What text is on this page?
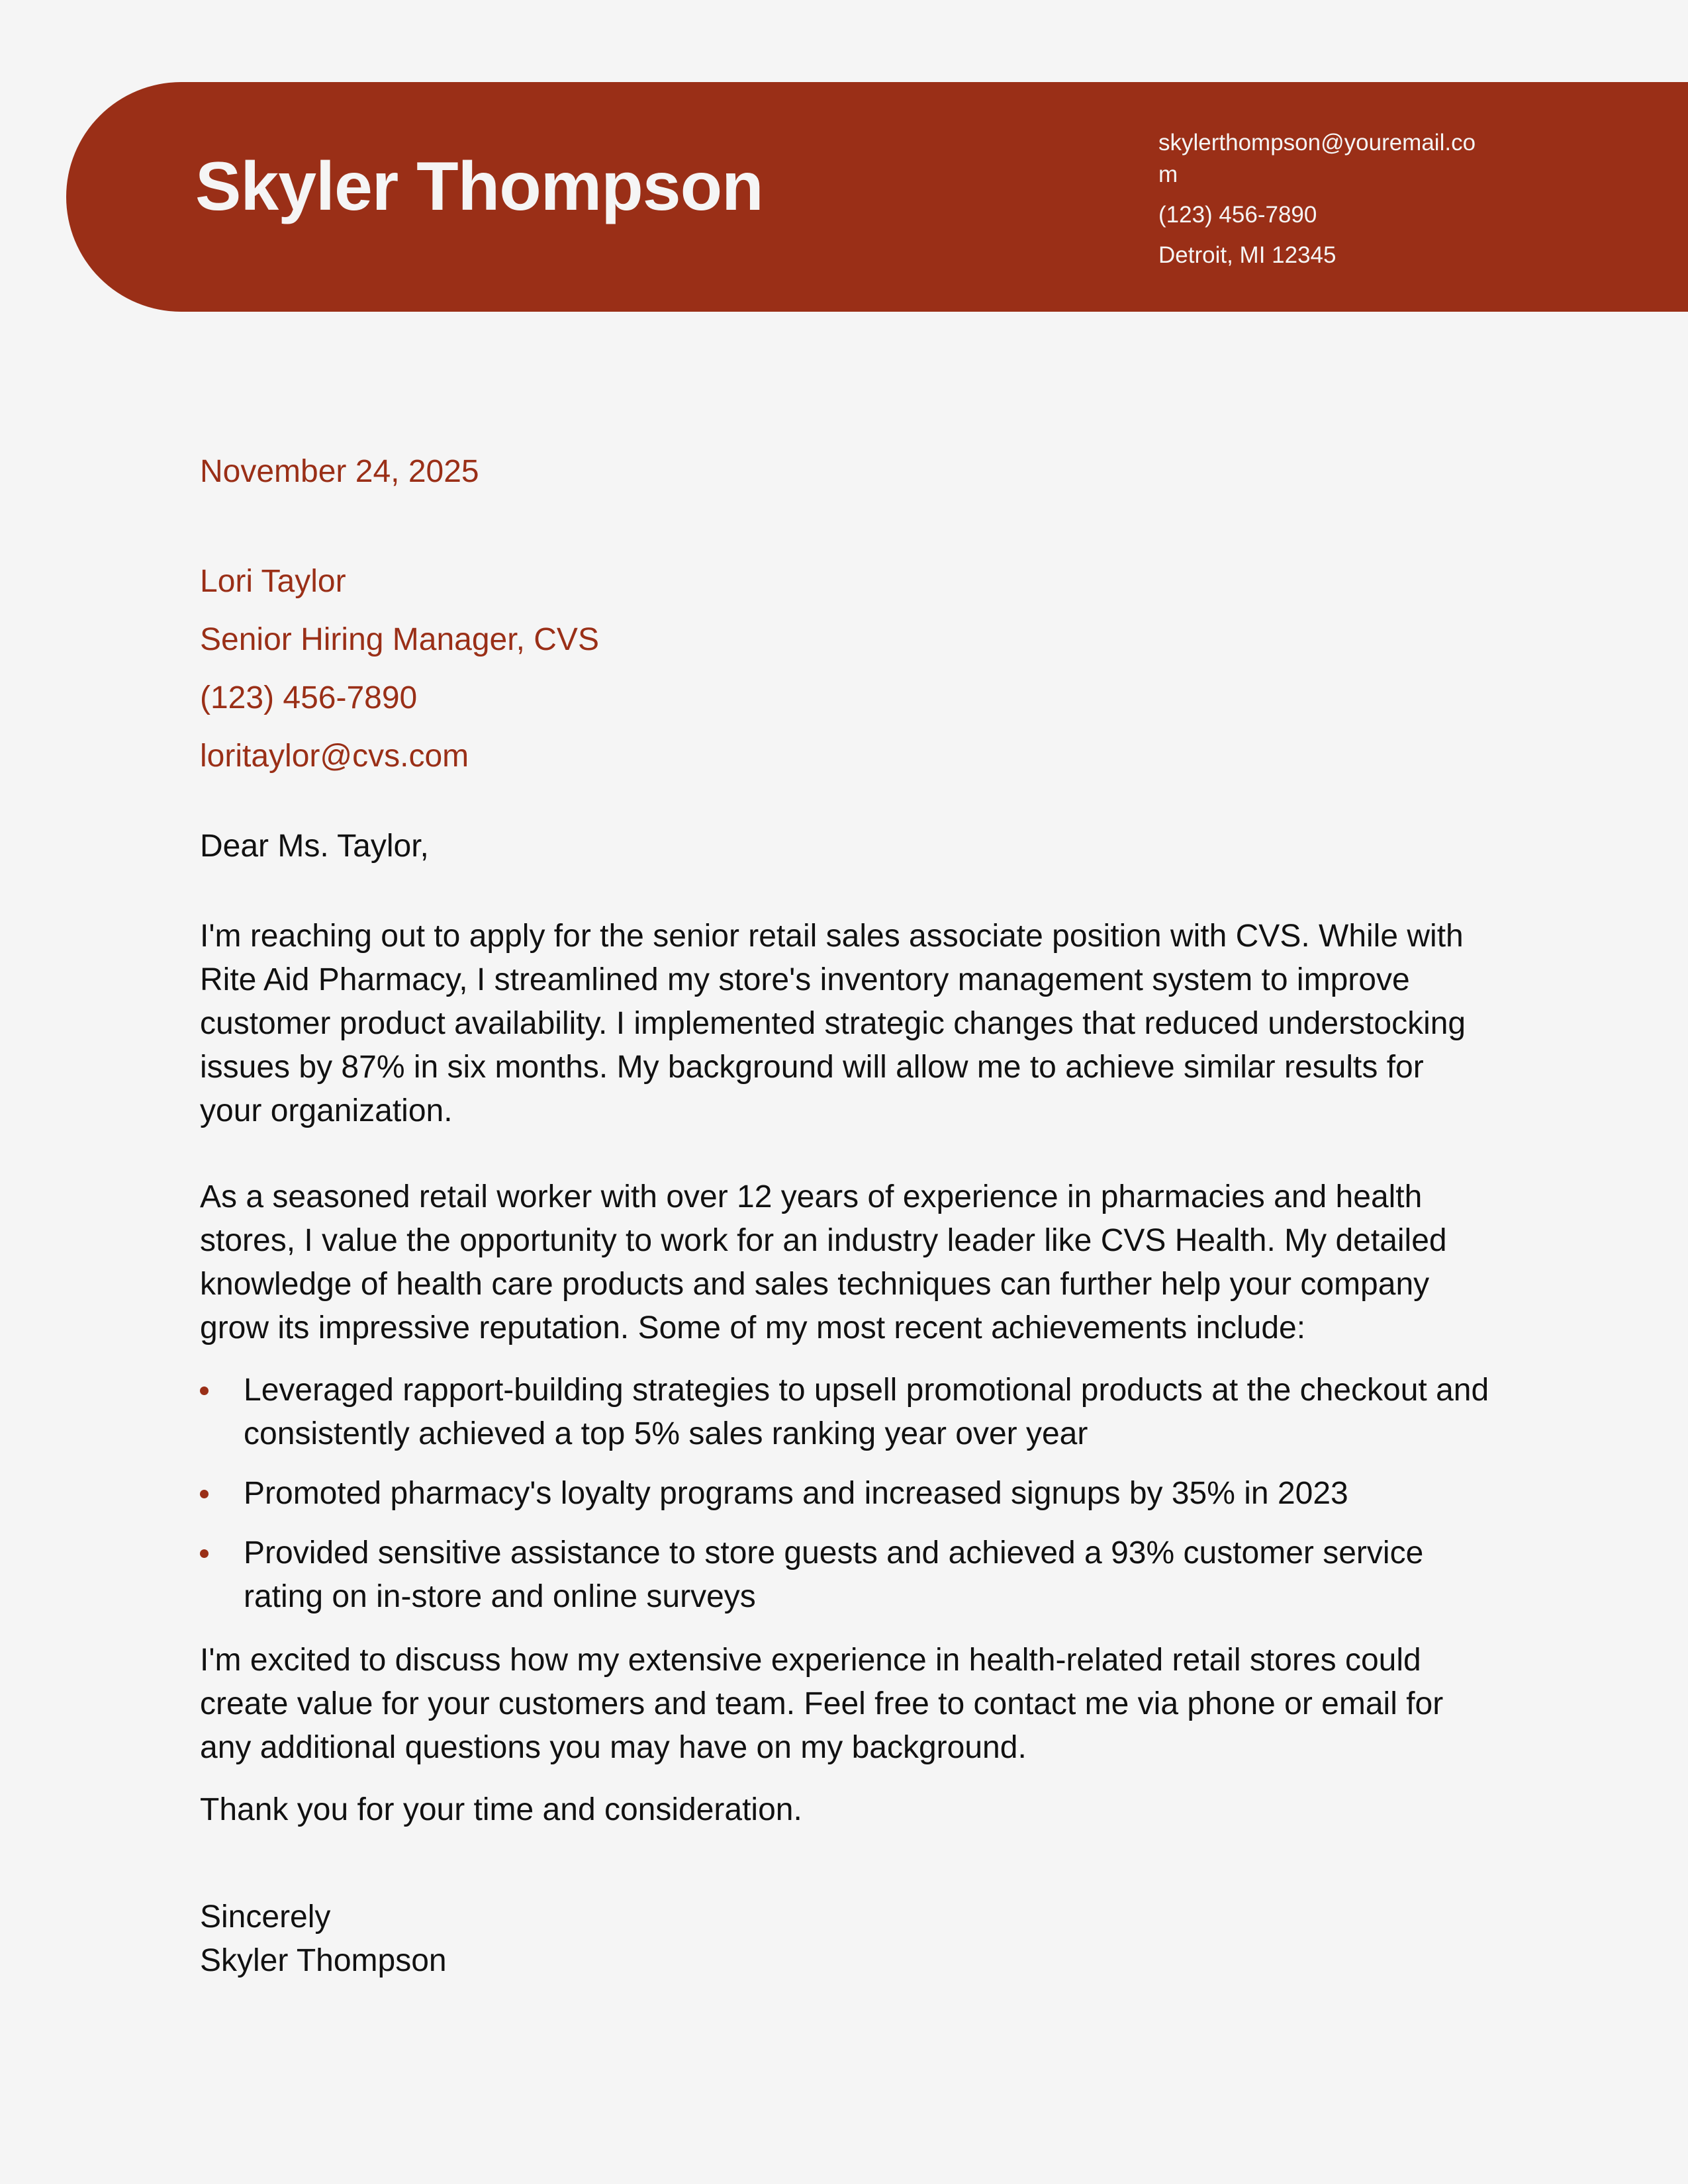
Skyler Thompson
skylerthompson@youremail.com
(123) 456-7890
Detroit, MI 12345
November 24, 2025
Lori Taylor
Senior Hiring Manager, CVS
(123) 456-7890
loritaylor@cvs.com
Dear Ms. Taylor,

I'm reaching out to apply for the senior retail sales associate position with CVS. While with Rite Aid Pharmacy, I streamlined my store's inventory management system to improve customer product availability. I implemented strategic changes that reduced understocking issues by 87% in six months. My background will allow me to achieve similar results for your organization.

As a seasoned retail worker with over 12 years of experience in pharmacies and health stores, I value the opportunity to work for an industry leader like CVS Health. My detailed knowledge of health care products and sales techniques can further help your company grow its impressive reputation. Some of my most recent achievements include:

Leveraged rapport-building strategies to upsell promotional products at the checkout and consistently achieved a top 5% sales ranking year over year
Promoted pharmacy's loyalty programs and increased signups by 35% in 2023
Provided sensitive assistance to store guests and achieved a 93% customer service rating on in-store and online surveys

I'm excited to discuss how my extensive experience in health-related retail stores could create value for your customers and team. Feel free to contact me via phone or email for any additional questions you may have on my background.

Thank you for your time and consideration.
Sincerely
Skyler Thompson
